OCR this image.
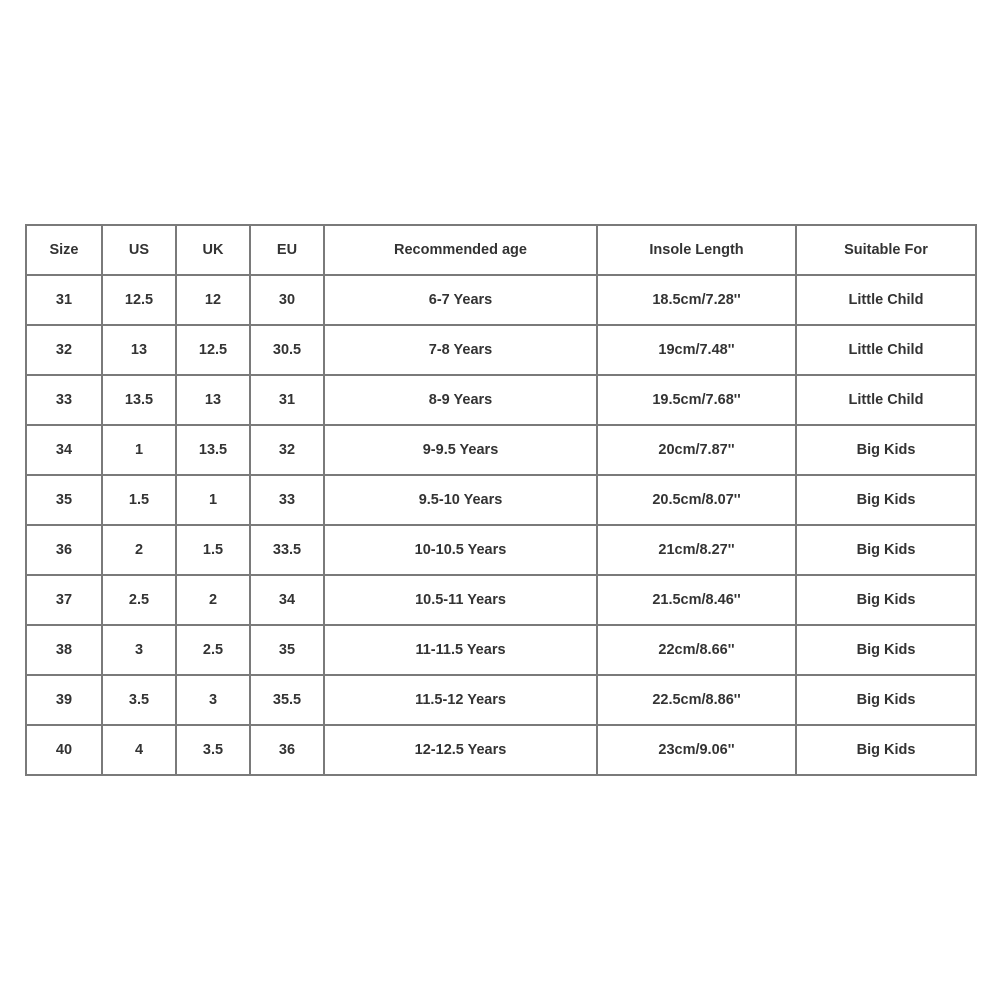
Size	US	UK	EU	Recommended age	Insole Length	Suitable For
31	12.5	12	30	6-7 Years	18.5cm/7.28''	Little Child
32	13	12.5	30.5	7-8 Years	19cm/7.48''	Little Child
33	13.5	13	31	8-9 Years	19.5cm/7.68''	Little Child
34	1	13.5	32	9-9.5 Years	20cm/7.87''	Big Kids
35	1.5	1	33	9.5-10 Years	20.5cm/8.07''	Big Kids
36	2	1.5	33.5	10-10.5 Years	21cm/8.27''	Big Kids
37	2.5	2	34	10.5-11 Years	21.5cm/8.46''	Big Kids
38	3	2.5	35	11-11.5 Years	22cm/8.66''	Big Kids
39	3.5	3	35.5	11.5-12 Years	22.5cm/8.86''	Big Kids
40	4	3.5	36	12-12.5 Years	23cm/9.06''	Big Kids
